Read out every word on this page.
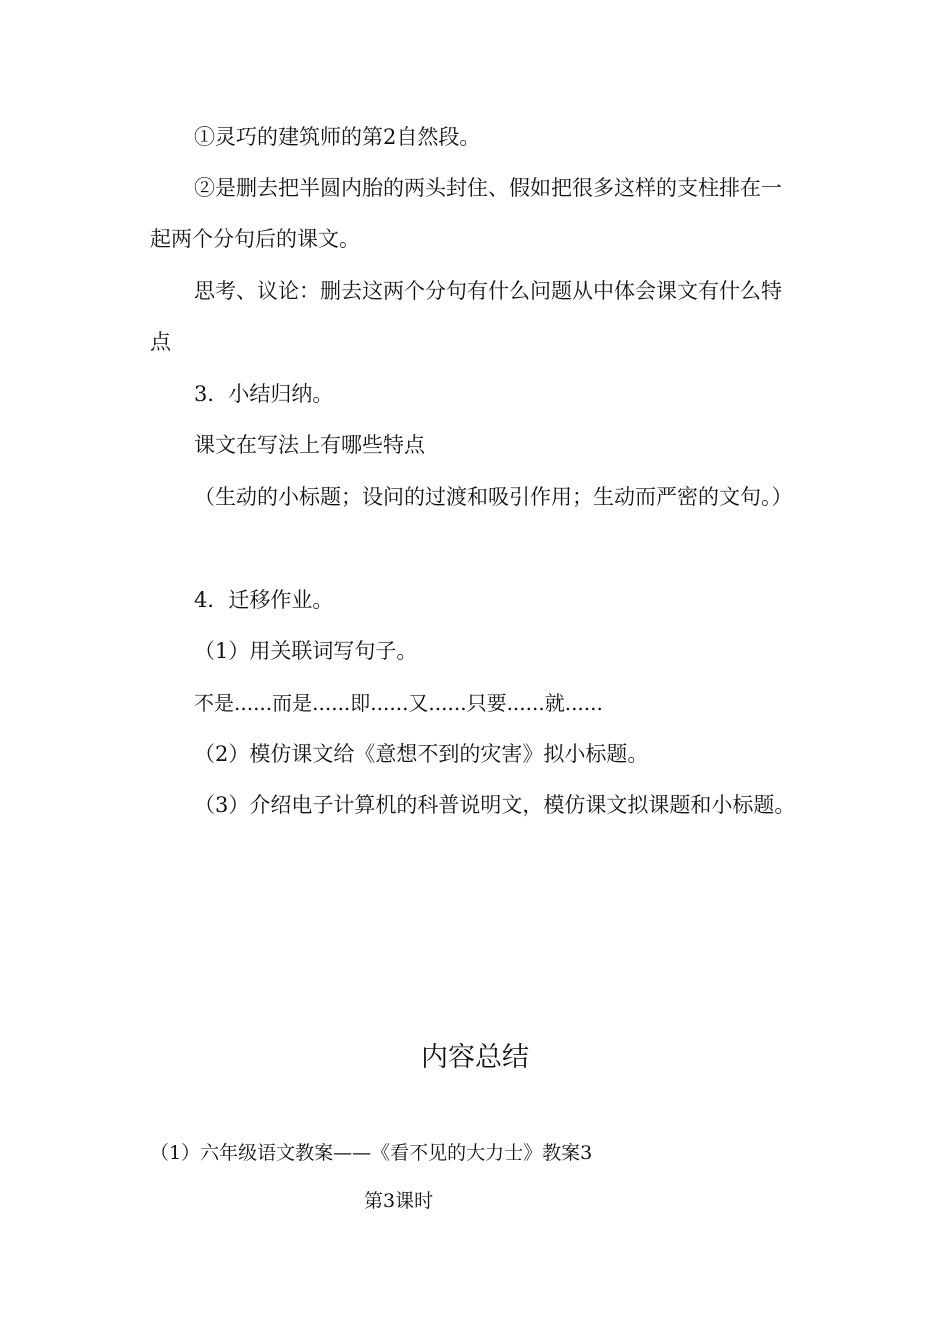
①灵巧的建筑师的第2自然段。

②是删去把半圆内胎的两头封住、假如把很多这样的支柱排在一起两个分句后的课文。

思考、议论：删去这两个分句有什么问题从中体会课文有什么特点

3．小结归纳。

课文在写法上有哪些特点

（生动的小标题；设问的过渡和吸引作用；生动而严密的文句。）

4．迁移作业。

（1）用关联词写句子。

不是......而是......即......又......只要......就......

（2）模仿课文给《意想不到的灾害》拟小标题。

（3）介绍电子计算机的科普说明文，模仿课文拟课题和小标题。

内容总结
（1）六年级语文教案——《看不见的大力士》教案3
第3课时
